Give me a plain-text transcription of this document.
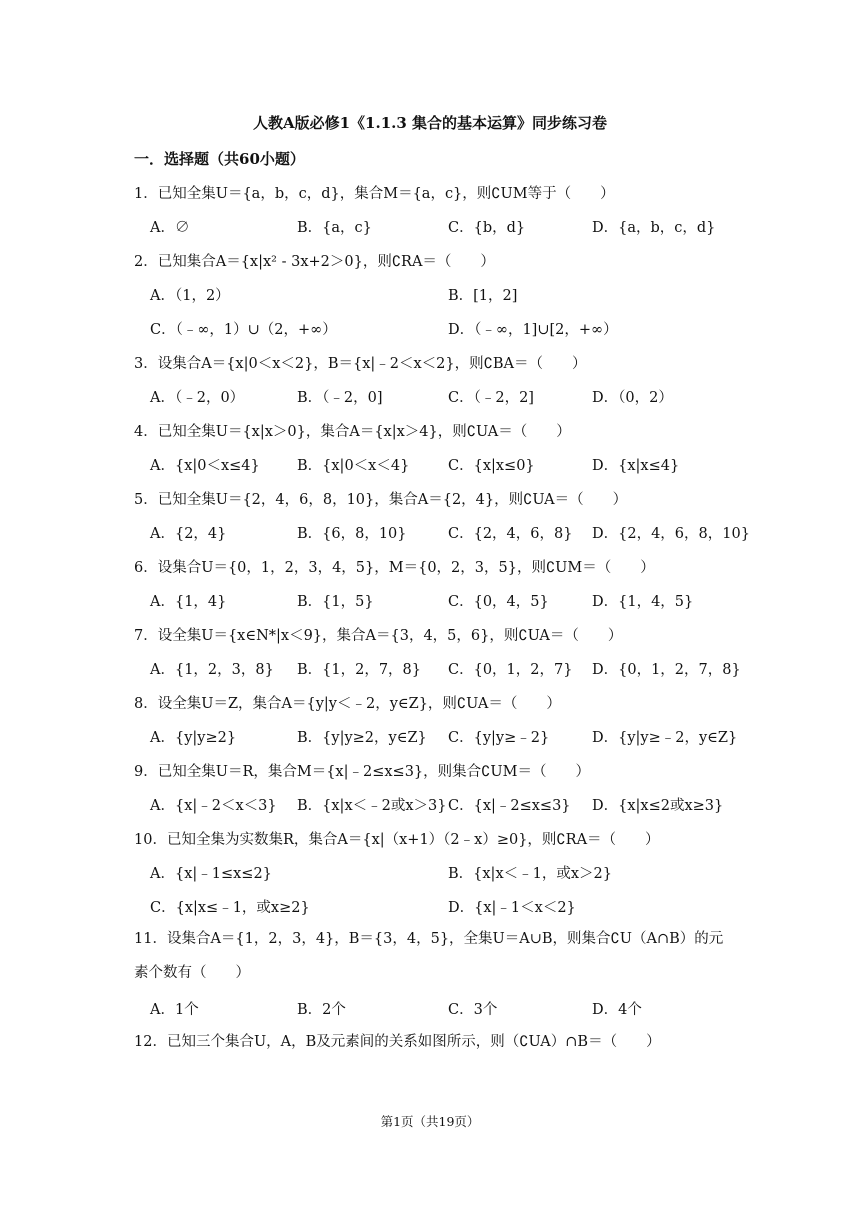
人教A版必修1《1.1.3 集合的基本运算》同步练习卷
一．选择题（共60小题）
1．已知全集U＝{a，b，c，d}，集合M＝{a，c}，则∁UM等于（　　）
A．∅	B．{a，c}	C．{b，d}	D．{a，b，c，d}
2．已知集合A＝{x|x² - 3x+2＞0}，则∁RA＝（　　）
A．（1，2）	B．[1，2]
C．（﹣∞，1）∪（2，+∞）	D．（﹣∞，1]∪[2，+∞）
3．设集合A＝{x|0＜x＜2}，B＝{x|﹣2＜x＜2}，则∁BA＝（　　）
A．（﹣2，0）	B．（﹣2，0]	C．（﹣2，2]	D．（0，2）
4．已知全集U＝{x|x＞0}，集合A＝{x|x＞4}，则∁UA＝（　　）
A．{x|0＜x≤4}	B．{x|0＜x＜4}	C．{x|x≤0}	D．{x|x≤4}
5．已知全集U＝{2，4，6，8，10}，集合A＝{2，4}，则∁UA＝（　　）
A．{2，4}	B．{6，8，10}	C．{2，4，6，8} D．{2，4，6，8，10}
6．设集合U＝{0，1，2，3，4，5}，M＝{0，2，3，5}，则∁UM＝（　　）
A．{1，4}	B．{1，5}	C．{0，4，5}	D．{1，4，5}
7．设全集U＝{x∈N*|x＜9}，集合A＝{3，4，5，6}，则∁UA＝（　　）
A．{1，2，3，8} B．{1，2，7，8} C．{0，1，2，7} D．{0，1，2，7，8}
8．设全集U＝Z，集合A＝{y|y＜﹣2，y∈Z}，则∁UA＝（　　）
A．{y|y≥2}	B．{y|y≥2，y∈Z} C．{y|y≥﹣2}	D．{y|y≥﹣2，y∈Z}
9．已知全集U＝R，集合M＝{x|﹣2≤x≤3}，则集合∁UM＝（　　）
A．{x|﹣2＜x＜3} B．{x|x＜﹣2或x＞3} C．{x|﹣2≤x≤3} D．{x|x≤2或x≥3}
10．已知全集为实数集R，集合A＝{x|（x+1）（2﹣x）≥0}，则∁RA＝（　　）
A．{x|﹣1≤x≤2}	B．{x|x＜﹣1，或x＞2}
C．{x|x≤﹣1，或x≥2}	D．{x|﹣1＜x＜2}
11．设集合A＝{1，2，3，4}，B＝{3，4，5}，全集U＝A∪B，则集合∁U（A∩B）的元素个数有（　　）
A．1个	B．2个	C．3个	D．4个
12．已知三个集合U，A，B及元素间的关系如图所示，则（∁UA）∩B＝（　　）
第1页（共19页）
